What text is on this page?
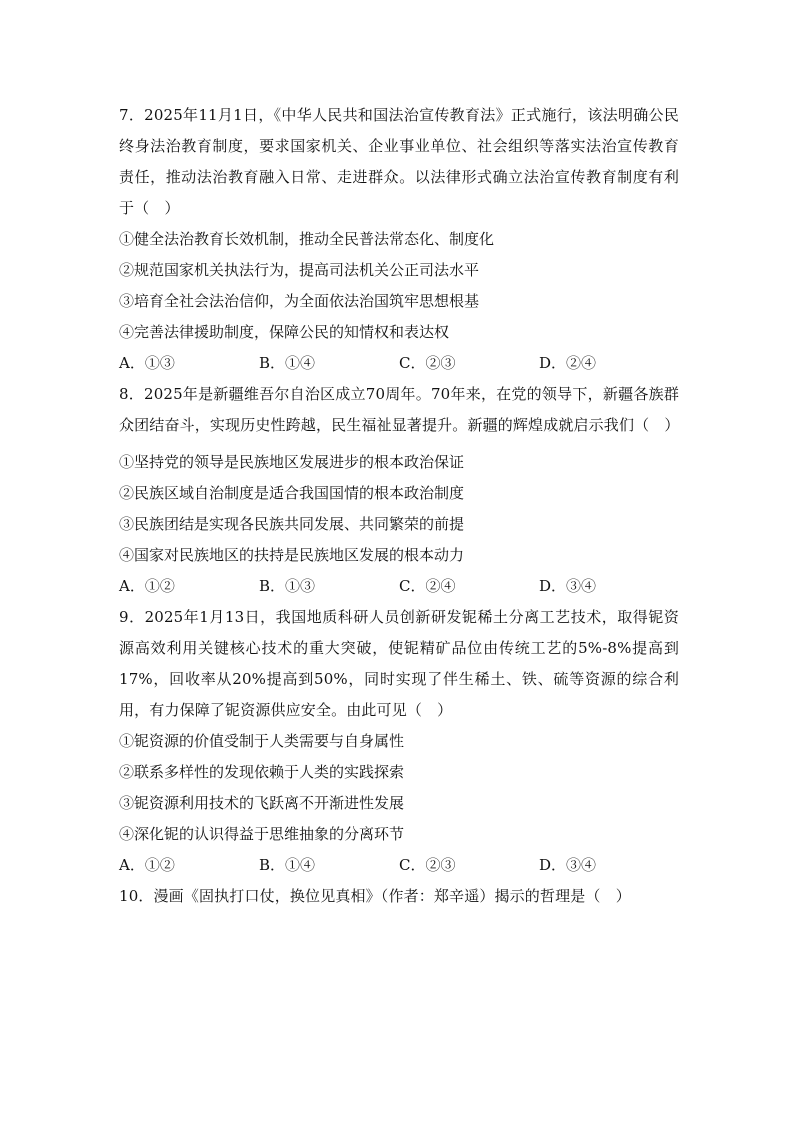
7．2025年11月1日，《中华人民共和国法治宣传教育法》正式施行，该法明确公民终身法治教育制度，要求国家机关、企业事业单位、社会组织等落实法治宣传教育责任，推动法治教育融入日常、走进群众。以法律形式确立法治宣传教育制度有利于（　）

①健全法治教育长效机制，推动全民普法常态化、制度化

②规范国家机关执法行为，提高司法机关公正司法水平

③培育全社会法治信仰，为全面依法治国筑牢思想根基

④完善法律援助制度，保障公民的知情权和表达权

A．①③	B．①④	C．②③	D．②④

8．2025年是新疆维吾尔自治区成立70周年。70年来，在党的领导下，新疆各族群众团结奋斗，实现历史性跨越，民生福祉显著提升。新疆的辉煌成就启示我们（　）

①坚持党的领导是民族地区发展进步的根本政治保证

②民族区域自治制度是适合我国国情的根本政治制度

③民族团结是实现各民族共同发展、共同繁荣的前提

④国家对民族地区的扶持是民族地区发展的根本动力

A．①②	B．①③	C．②④	D．③④

9．2025年1月13日，我国地质科研人员创新研发铌稀土分离工艺技术，取得铌资源高效利用关键核心技术的重大突破，使铌精矿品位由传统工艺的5%-8%提高到17%，回收率从20%提高到50%，同时实现了伴生稀土、铁、硫等资源的综合利用，有力保障了铌资源供应安全。由此可见（　）

①铌资源的价值受制于人类需要与自身属性

②联系多样性的发现依赖于人类的实践探索

③铌资源利用技术的飞跃离不开渐进性发展

④深化铌的认识得益于思维抽象的分离环节

A．①②	B．①④	C．②③	D．③④

10．漫画《固执打口仗，换位见真相》（作者：郑辛遥）揭示的哲理是（　）
